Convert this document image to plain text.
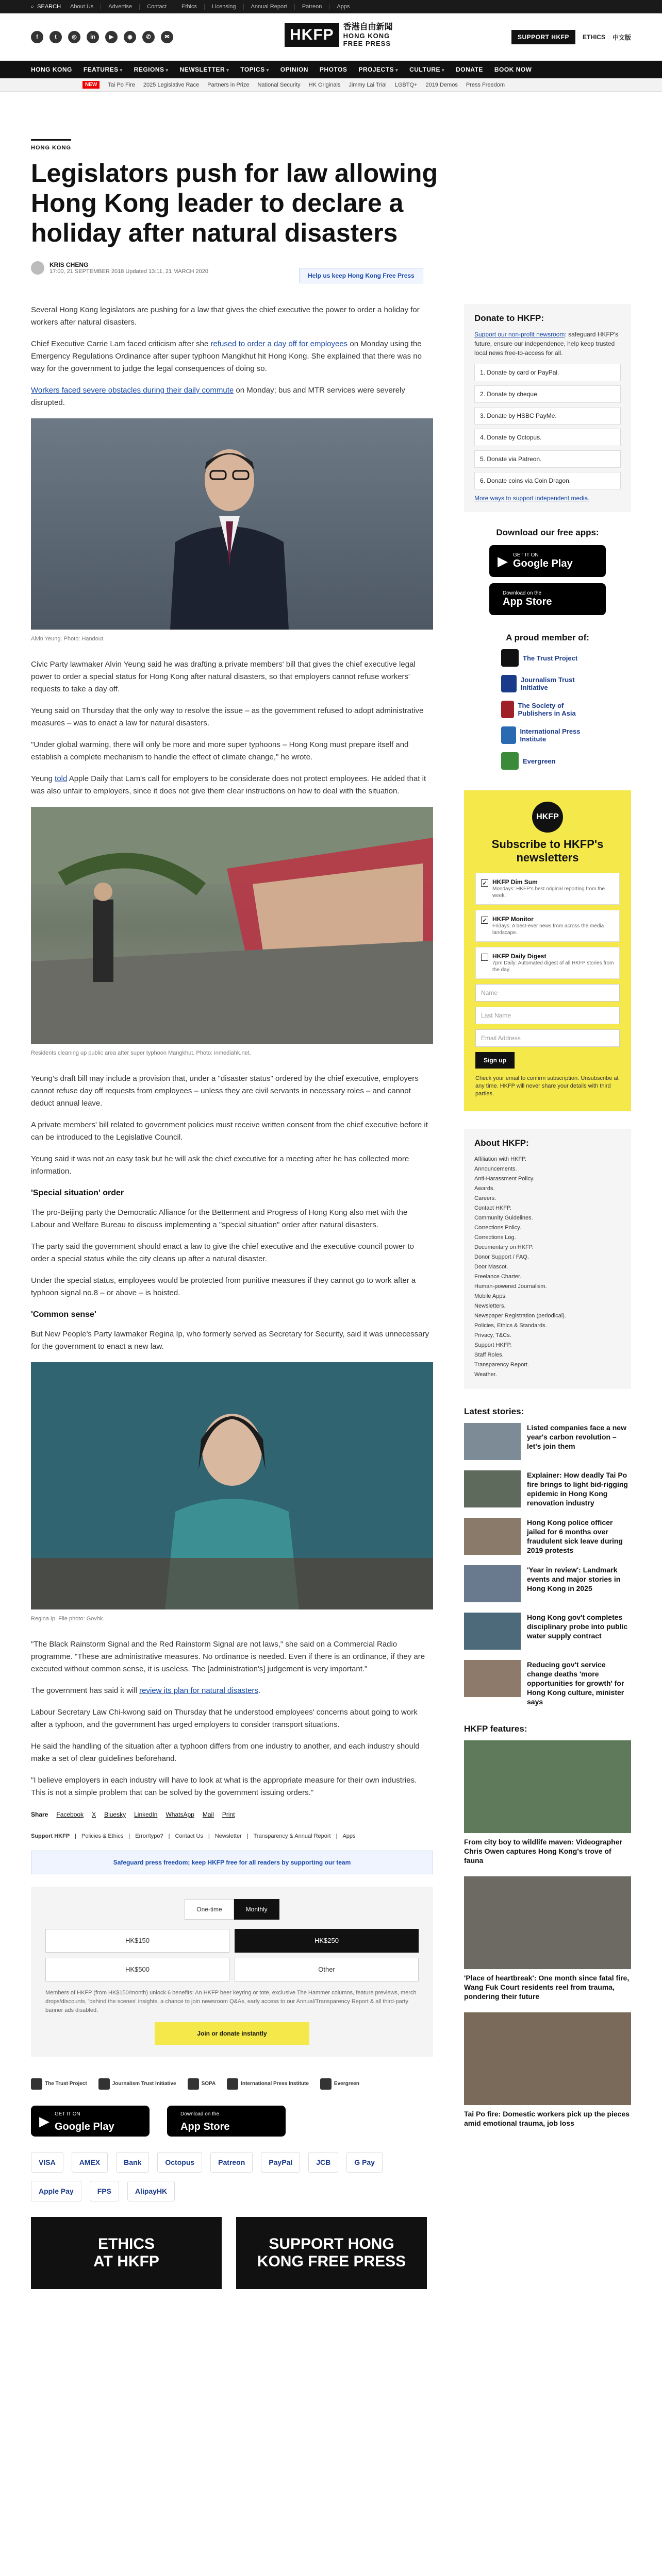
⌕ SEARCH About Us	Advertise	Contact	Ethics	Licensing	Annual Report	Patreon	Apps
f	t	◎	in	▶	◉	✆	✉	HKFP	香港自由新聞
HONG KONG
FREE PRESS
SUPPORT HKFP	ETHICS 中文版
HONG KONG FEATURES ▾	REGIONS ▾	NEWSLETTER ▾	TOPICS ▾	OPINION PHOTOS PROJECTS ▾	CULTURE ▾	DONATE BOOK NOW
NEW	Tai Po Fire 2025 Legislative Race Partners in Prize National Security HK Originals Jimmy Lai Trial LGBTQ+ 2019 Demos Press Freedom
HONG KONG
Legislators push for law allowing Hong Kong leader to declare a holiday after natural disasters
KRIS CHENG
17:00, 21 SEPTEMBER 2018 Updated 13:11, 21 MARCH 2020
Help us keep Hong Kong Free Press

Several Hong Kong legislators are pushing for a law that gives the chief executive the power to order a holiday for workers after natural disasters.

Chief Executive Carrie Lam faced criticism after she refused to order a day off for employees on Monday using the Emergency Regulations Ordinance after super typhoon Mangkhut hit Hong Kong. She explained that there was no way for the government to judge the legal consequences of doing so.

Workers faced severe obstacles during their daily commute on Monday; bus and MTR services were severely disrupted.

Alvin Yeung. Photo: Handout.

Civic Party lawmaker Alvin Yeung said he was drafting a private members' bill that gives the chief executive legal power to order a special status for Hong Kong after natural disasters, so that employers cannot refuse workers' requests to take a day off.

Yeung said on Thursday that the only way to resolve the issue – as the government refused to adopt administrative measures – was to enact a law for natural disasters.

"Under global warming, there will only be more and more super typhoons – Hong Kong must prepare itself and establish a complete mechanism to handle the effect of climate change," he wrote.

Yeung told Apple Daily that Lam's call for employers to be considerate does not protect employees. He added that it was also unfair to employers, since it does not give them clear instructions on how to deal with the situation.

Residents cleaning up public area after super typhoon Mangkhut. Photo: inmediahk.net.

Yeung's draft bill may include a provision that, under a "disaster status" ordered by the chief executive, employers cannot refuse day off requests from employees – unless they are civil servants in necessary roles – and cannot deduct annual leave.

A private members' bill related to government policies must receive written consent from the chief executive before it can be introduced to the Legislative Council.

Yeung said it was not an easy task but he will ask the chief executive for a meeting after he has collected more information.

'Special situation' order

The pro-Beijing party the Democratic Alliance for the Betterment and Progress of Hong Kong also met with the Labour and Welfare Bureau to discuss implementing a "special situation" order after natural disasters.

The party said the government should enact a law to give the chief executive and the executive council power to order a special status while the city cleans up after a natural disaster.

Under the special status, employees would be protected from punitive measures if they cannot go to work after a typhoon signal no.8 – or above – is hoisted.

'Common sense'

But New People's Party lawmaker Regina Ip, who formerly served as Secretary for Security, said it was unnecessary for the government to enact a new law.

Regina Ip. File photo: Govhk.

"The Black Rainstorm Signal and the Red Rainstorm Signal are not laws," she said on a Commercial Radio programme. "These are administrative measures. No ordinance is needed. Even if there is an ordinance, if they are executed without common sense, it is useless. The [administration's] judgement is very important."

The government has said it will review its plan for natural disasters.

Labour Secretary Law Chi-kwong said on Thursday that he understood employees' concerns about going to work after a typhoon, and the government has urged employers to consider transport situations.

He said the handling of the situation after a typhoon differs from one industry to another, and each industry should make a set of clear guidelines beforehand.

"I believe employers in each industry will have to look at what is the appropriate measure for their own industries. This is not a simple problem that can be solved by the government issuing orders."

Share Facebook X Bluesky LinkedIn WhatsApp Mail Print
Support HKFP | Policies & Ethics | Error/typo? | Contact Us | Newsletter | Transparency & Annual Report | Apps
Safeguard press freedom; keep HKFP free for all readers by supporting our team
One-time	Monthly
HK$150	HK$250
HK$500	Other
Members of HKFP (from HK$150/month) unlock 6 benefits: An HKFP beer keyring or tote, exclusive The Hammer columns, feature previews, merch drops/discounts, 'behind the scenes' insights, a chance to join newsroom Q&As, early access to our Annual/Transparency Report & all third-party banner ads disabled.
Join or donate instantly
The Trust Project	Journalism Trust Initiative	SOPA	International Press Institute	Evergreen
▶ GET IT ON
Google Play
Download on the
App Store
VISA	AMEX	Bank	Octopus	Patreon	PayPal	JCB	G Pay
Apple Pay	FPS	AlipayHK
ETHICS
AT HKFP
SUPPORT HONG
KONG FREE PRESS
Donate to HKFP:

Support our non-profit newsroom: safeguard HKFP's future, ensure our independence, help keep trusted local news free-to-access for all.

1. Donate by card or PayPal.
2. Donate by cheque.
3. Donate by HSBC PayMe.
4. Donate by Octopus.
5. Donate via Patreon.
6. Donate coins via Coin Dragon.
More ways to support independent media.
Download our free apps:
▶ GET IT ON
Google Play
Download on the
App Store
A proud member of:
The Trust Project
Journalism Trust Initiative
The Society of Publishers in Asia
International Press Institute
Evergreen
HKFP
Subscribe to HKFP's newsletters
✓ HKFP Dim Sum
Mondays: HKFP's best original reporting from the week.
✓ HKFP Monitor
Fridays: A best-ever news from across the media landscape.
HKFP Daily Digest
7pm Daily: Automated digest of all HKFP stories from the day.
Name
Last Name
Email Address
Sign up
Check your email to confirm subscription. Unsubscribe at any time. HKFP will never share your details with third parties.
About HKFP:
Affiliation with HKFP.
Announcements.
Anti-Harassment Policy.
Awards.
Careers.
Contact HKFP.
Community Guidelines.
Corrections Policy.
Corrections Log.
Documentary on HKFP.
Donor Support / FAQ.
Door Mascot.
Freelance Charter.
Human-powered Journalism.
Mobile Apps.
Newsletters.
Newspaper Registration (periodical).
Policies, Ethics & Standards.
Privacy, T&Cs.
Support HKFP.
Staff Roles.
Transparency Report.
Weather.
Latest stories:
Listed companies face a new year's carbon revolution – let's join them
Explainer: How deadly Tai Po fire brings to light bid-rigging epidemic in Hong Kong renovation industry
Hong Kong police officer jailed for 6 months over fraudulent sick leave during 2019 protests
'Year in review': Landmark events and major stories in Hong Kong in 2025
Hong Kong gov't completes disciplinary probe into public water supply contract
Reducing gov't service change deaths 'more opportunities for growth' for Hong Kong culture, minister says
HKFP features:
From city boy to wildlife maven: Videographer Chris Owen captures Hong Kong's trove of fauna
'Place of heartbreak': One month since fatal fire, Wang Fuk Court residents reel from trauma, pondering their future
Tai Po fire: Domestic workers pick up the pieces amid emotional trauma, job loss
